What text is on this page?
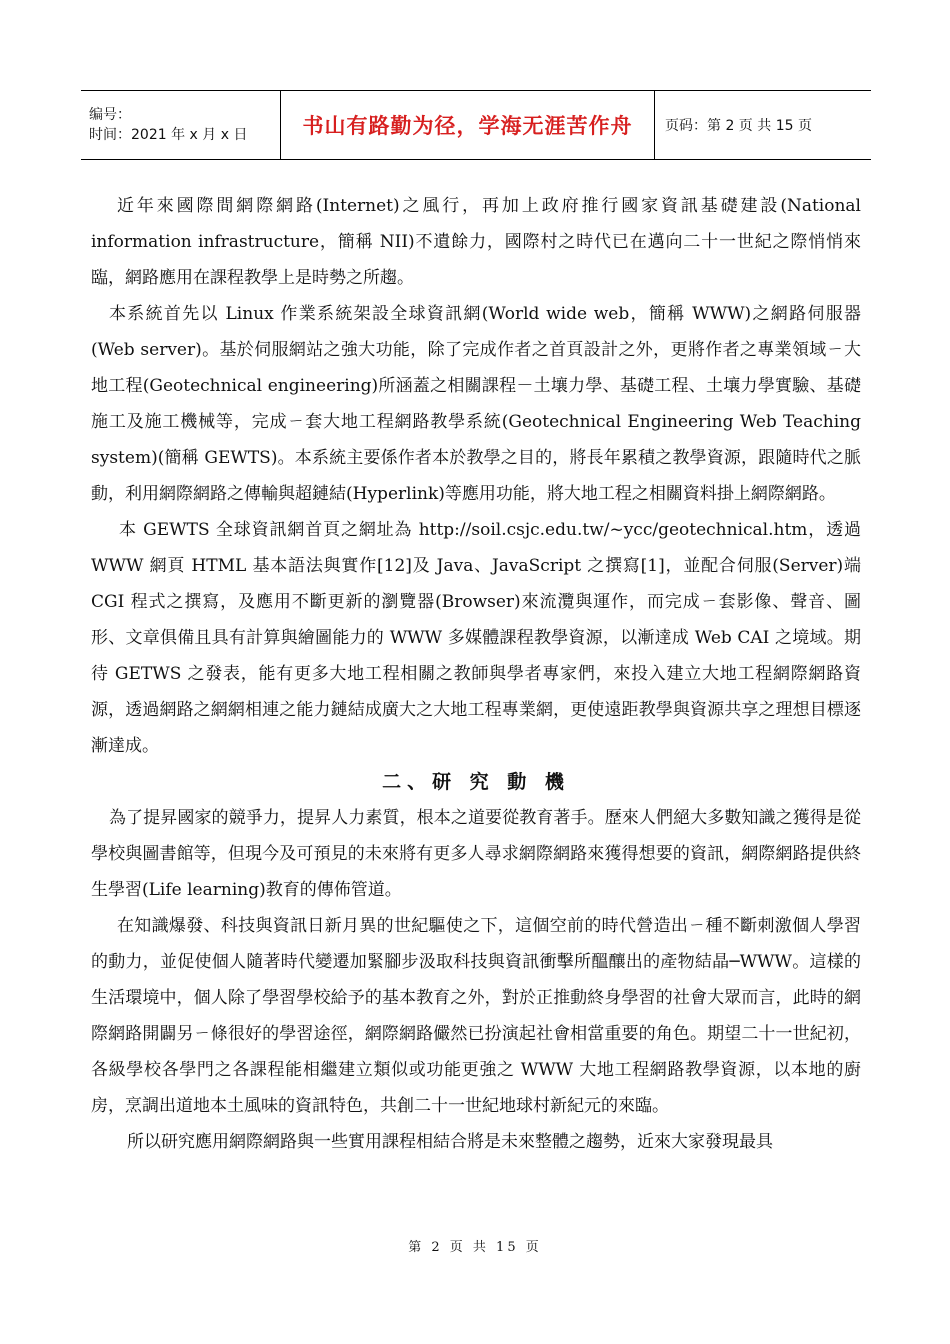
编号：
时间：2021 年 x 月 x 日	书山有路勤为径，学海无涯苦作舟 页码：第 2 页 共 15 页

近年來國際間網際網路(Internet)之風行，再加上政府推行國家資訊基礎建設(National information infrastructure，簡稱 NII)不遺餘力，國際村之時代已在邁向二十一世紀之際悄悄來臨，網路應用在課程教學上是時勢之所趨。

本系統首先以 Linux 作業系統架設全球資訊網(World wide web，簡稱 WWW)之網路伺服器(Web server)。基於伺服網站之強大功能，除了完成作者之首頁設計之外，更將作者之專業領域ㄧ大地工程(Geotechnical engineering)所涵蓋之相關課程－土壤力學、基礎工程、土壤力學實驗、基礎施工及施工機械等，完成ㄧ套大地工程網路教學系統(Geotechnical Engineering Web Teaching system)(簡稱 GEWTS)。本系統主要係作者本於教學之目的，將長年累積之教學資源，跟隨時代之脈動，利用網際網路之傳輸與超鏈結(Hyperlink)等應用功能，將大地工程之相關資料掛上網際網路。

本 GEWTS 全球資訊網首頁之網址為 http://soil.csjc.edu.tw/~ycc/geotechnical.htm，透過 WWW 網頁 HTML 基本語法與實作[12]及 Java、JavaScript 之撰寫[1]，並配合伺服(Server)端 CGI 程式之撰寫，及應用不斷更新的瀏覽器(Browser)來流灠與運作，而完成ㄧ套影像、聲音、圖形、文章俱備且具有計算與繪圖能力的 WWW 多媒體課程教學資源，以漸達成 Web CAI 之境域。期待 GETWS 之發表，能有更多大地工程相關之教師與學者專家們，來投入建立大地工程網際網路資源，透過網路之網網相連之能力鏈結成廣大之大地工程專業網，更使遠距教學與資源共享之理想目標逐漸達成。

二、研 究 動 機

為了提昇國家的競爭力，提昇人力素質，根本之道要從教育著手。歷來人們絕大多數知識之獲得是從學校與圖書館等，但現今及可預見的未來將有更多人尋求網際網路來獲得想要的資訊，網際網路提供終生學習(Life learning)教育的傳佈管道。

在知識爆發、科技與資訊日新月異的世紀驅使之下，這個空前的時代營造出ㄧ種不斷刺激個人學習的動力，並促使個人隨著時代變遷加緊腳步汲取科技與資訊衝擊所醞釀出的產物結晶─WWW。這樣的生活環境中，個人除了學習學校給予的基本教育之外，對於正推動終身學習的社會大眾而言，此時的網際網路開闢另ㄧ條很好的學習途徑，網際網路儼然已扮演起社會相當重要的角色。期望二十一世紀初，各級學校各學門之各課程能相繼建立類似或功能更強之 WWW 大地工程網路教學資源，以本地的廚房，烹調出道地本土風味的資訊特色，共創二十一世紀地球村新紀元的來臨。

所以研究應用網際網路與一些實用課程相結合將是未來整體之趨勢，近來大家發現最具

第 2 页 共 15 页
